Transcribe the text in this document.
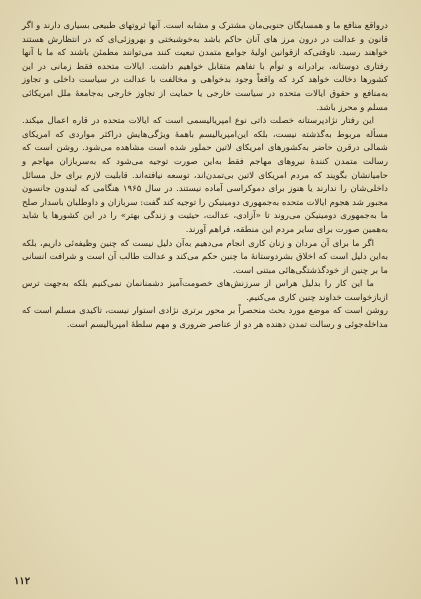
درواقع منافع ما و همسایگان جنوبی‌مان مشترک و مشابه است. آنها ثروتهای طبیعی بسیاری دارند و اگر قانون و عدالت در درون مرز های آنان حاکم باشد به‌خوشبختی و بهروزئی‌ای که در انتظارش هستند خواهند رسید. تاوقتی‌که ازقوانین اولیهٔ جوامع متمدن تبعیت کنند می‌توانند مطمئن باشند که ما با آنها رفتاری دوستانه، برادرانه و توأم با تفاهم متقابل خواهیم داشت. ایالات متحده فقط زمانی در این کشورها دخالت خواهد کرد که واقعاً وجود بدخواهی و مخالفت با عدالت در سیاست داخلی و تجاوز به‌منافع و حقوق ایالات متحده در سیاست خارجی یا حمایت از تجاوز خارجی به‌جامعهٔ ملل امریکائی مسلم و محرز باشد.

این رفتار نژادپرستانه خصلت ذاتی نوع امپریالیسمی است که ایالات متحده در قاره اعمال میکند. مسأله مربوط به‌گذشته نیست، بلکه این‌امپریالیسم باهمهٔ ویژگی‌هایش دراکثر مواردی که امریکای شمالی درقرن حاضر به‌کشورهای امریکای لاتین حملور شده است مشاهده می‌شود. روشن است که رسالت متمدن کنندهٔ نیروهای مهاجم فقط به‌این صورت توجیه می‌شود که به‌سربازان مهاجم و حامیانشان بگویند که مردم امریکای لاتین بی‌تمدن‌اند، توسعه نیافته‌اند. قابلیت لازم برای حل مسائل داخلی‌شان را ندارند یا هنوز برای دموکراسی آماده نیستند. در سال ۱۹۶۵ هنگامی که لیندون جانسون مجبور شد هجوم ایالات متحده به‌جمهوری دومینیکن را توجیه کند گفت: سربازان و داوطلبان باسدار صلح ما به‌جمهوری دومینیکن می‌روند تا «آزادی، عدالت، حیثیت و زندگی بهتر» را در این کشورها یا شاید به‌همین صورت برای سایر مردم این منطقه، فراهم آورند.

اگر ما برای آن مردان و زنان کاری انجام می‌دهیم به‌آن دلیل نیست که چنین وظیفه‌ئی داریم، بلکه به‌این دلیل است که اخلاق بشردوستانهٔ ما چنین حکم می‌کند و عدالت طالب آن است و شرافت انسانی ما بر چنین از خودگذشتگی‌هائی مبتنی است.

ما این کار را بدلیل هراس از سرزنش‌های خصومت‌آمیز دشمنانمان نمی‌کنیم بلکه به‌جهت ترس ازبازخواست خداوند چنین کاری می‌کنیم.

روشن است که موضع مورد بحث منحصراً بر محور برتری نژادی استوار نیست، تاکیدی مسلم است که مداخله‌جوئی و رسالت تمدن دهنده هر دو از عناصر ضروری و مهم سلطهٔ امپریالیسم است.

۱۱۲
